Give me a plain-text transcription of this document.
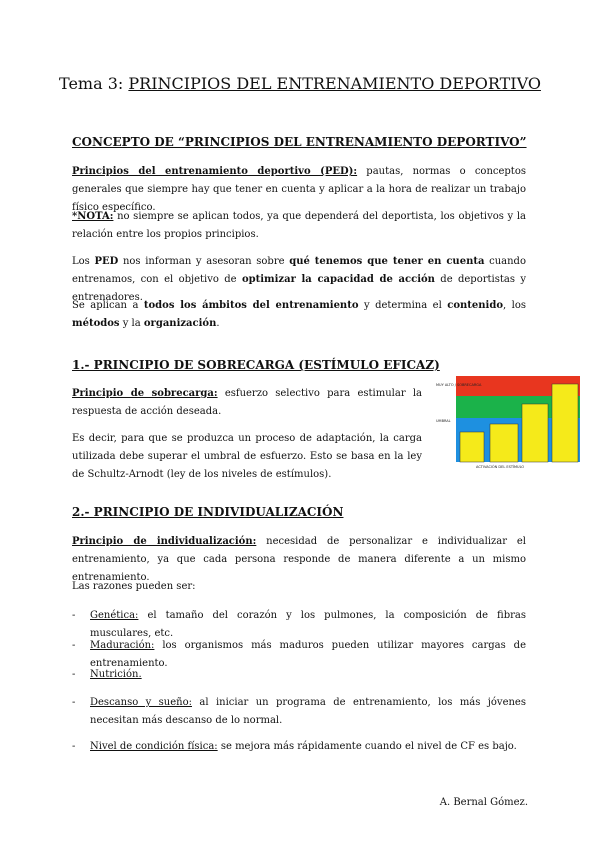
Tema 3: PRINCIPIOS DEL ENTRENAMIENTO DEPORTIVO
CONCEPTO DE “PRINCIPIOS DEL ENTRENAMIENTO DEPORTIVO”
Principios del entrenamiento deportivo (PED): pautas, normas o conceptos generales que siempre hay que tener en cuenta y aplicar a la hora de realizar un trabajo físico específico.
*NOTA: no siempre se aplican todos, ya que dependerá del deportista, los objetivos y la relación entre los propios principios.
Los PED nos informan y asesoran sobre qué tenemos que tener en cuenta cuando entrenamos, con el objetivo de optimizar la capacidad de acción de deportistas y entrenadores.
Se aplican a todos los ámbitos del entrenamiento y determina el contenido, los métodos y la organización.
1.- PRINCIPIO DE SOBRECARGA (ESTÍMULO EFICAZ)
Principio de sobrecarga: esfuerzo selectivo para estimular la respuesta de acción deseada.
Es decir, para que se produzca un proceso de adaptación, la carga utilizada debe superar el umbral de esfuerzo. Esto se basa en la ley de Schultz-Arnodt (ley de los niveles de estímulos).
MUY ALTO / SOBRECARGA
UMBRAL
ACTIVACIÓN DEL ESTÍMULO
2.- PRINCIPIO DE INDIVIDUALIZACIÓN
Principio de individualización: necesidad de personalizar e individualizar el entrenamiento, ya que cada persona responde de manera diferente a un mismo entrenamiento.
Las razones pueden ser:
- Genética: el tamaño del corazón y los pulmones, la composición de fibras musculares, etc.
- Maduración: los organismos más maduros pueden utilizar mayores cargas de entrenamiento.
- Nutrición.
- Descanso y sueño: al iniciar un programa de entrenamiento, los más jóvenes necesitan más descanso de lo normal.
- Nivel de condición física: se mejora más rápidamente cuando el nivel de CF es bajo.
A. Bernal Gómez.
